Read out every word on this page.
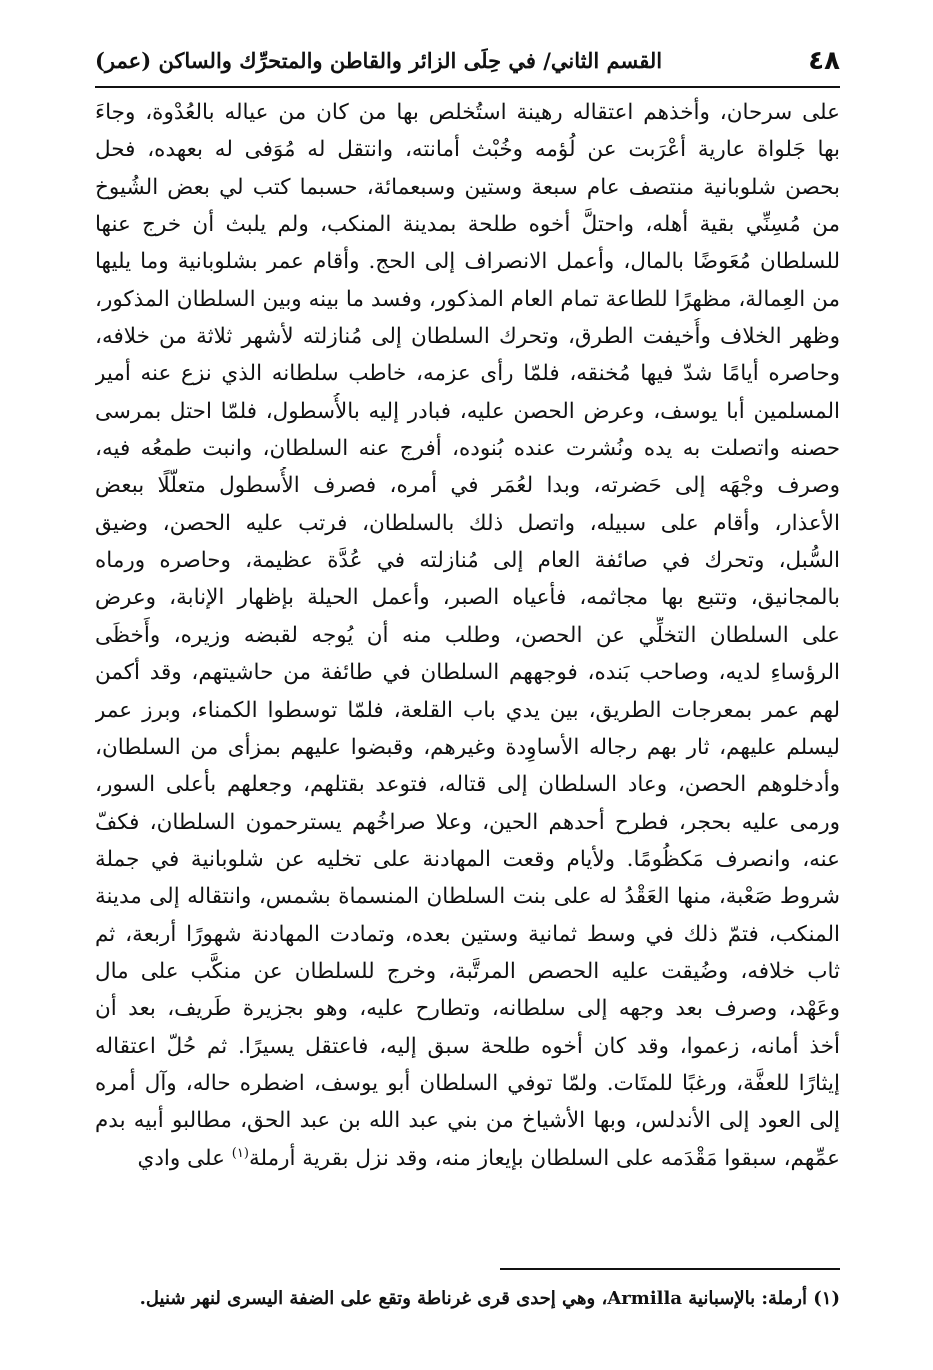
٤٨
القسم الثاني/ في حِلَى الزائر والقاطن والمتحرِّك والساكن (عمر)
على سرحان، وأخذهم اعتقاله رهينة استُخلص بها من كان من عياله بالعُدْوة، وجاءَ
بها جَلواة عارية أعْرَبت عن لُؤمه وخُبْث أمانته، وانتقل له مُوَفى له بعهده، فحل
بحصن شلوبانية منتصف عام سبعة وستين وسبعمائة، حسبما كتب لي بعض الشُيوخ
من مُسِنِّي بقية أهله، واحتلَّ أخوه طلحة بمدينة المنكب، ولم يلبث أن خرج عنها
للسلطان مُعَوضًا بالمال، وأعمل الانصراف إلى الحج. وأقام عمر بشلوبانية وما يليها
من العِمالة، مظهرًا للطاعة تمام العام المذكور، وفسد ما بينه وبين السلطان المذكور،
وظهر الخلاف وأُخيفت الطرق، وتحرك السلطان إلى مُنازلته لأشهر ثلاثة من خلافه،
وحاصره أيامًا شدّ فيها مُخنقه، فلمّا رأى عزمه، خاطب سلطانه الذي نزع عنه أمير
المسلمين أبا يوسف، وعرض الحصن عليه، فبادر إليه بالأُسطول، فلمّا احتل بمرسى
حصنه واتصلت به يده ونُشرت عنده بُنوده، أفرج عنه السلطان، وانبت طمعُه فيه،
وصرف وجْهَه إلى حَضرته، وبدا لعُمَر في أمره، فصرف الأُسطول متعلّلًا ببعض
الأعذار، وأقام على سبيله، واتصل ذلك بالسلطان، فرتب عليه الحصن، وضيق
السُّبل، وتحرك في صائفة العام إلى مُنازلته في عُدَّة عظيمة، وحاصره ورماه
بالمجانيق، وتتبع بها مجاثمه، فأعياه الصبر، وأعمل الحيلة بإظهار الإنابة، وعرض
على السلطان التخلِّي عن الحصن، وطلب منه أن يُوجه لقبضه وزيره، وأَخظَى
الرؤساءِ لديه، وصاحب بَنده، فوجههم السلطان في طائفة من حاشيتهم، وقد أكمن
لهم عمر بمعرجات الطريق، بين يدي باب القلعة، فلمّا توسطوا الكمناء، وبرز عمر
ليسلم عليهم، ثار بهم رجاله الأساوِدة وغيرهم، وقبضوا عليهم بمزأى من السلطان،
وأدخلوهم الحصن، وعاد السلطان إلى قتاله، فتوعد بقتلهم، وجعلهم بأعلى السور،
ورمى عليه بحجر، فطرح أحدهم الحين، وعلا صراخُهم يسترحمون السلطان، فكفّ
عنه، وانصرف مَكظُومًا. ولأيام وقعت المهادنة على تخليه عن شلوبانية في جملة
شروط صَعْبة، منها العَقْدُ له على بنت السلطان المنسماة بشمس، وانتقاله إلى مدينة
المنكب، فتمّ ذلك في وسط ثمانية وستين بعده، وتمادت المهادنة شهورًا أربعة، ثم
ثاب خلافه، وضُيقت عليه الحصص المرتَّبة، وخرج للسلطان عن منكَّب على مال
وعَهْد، وصرف بعد وجهه إلى سلطانه، وتطارح عليه، وهو بجزيرة طَريف، بعد أن
أخذ أمانه، زعموا، وقد كان أخوه طلحة سبق إليه، فاعتقل يسيرًا. ثم حُلّ اعتقاله
إيثارًا للعفَّة، ورغبًا للمتَات. ولمّا توفي السلطان أبو يوسف، اضطره حاله، وآل أمره
إلى العود إلى الأندلس، وبها الأشياخ من بني عبد الله بن عبد الحق، مطالبو أبيه بدم
عمِّهم، سبقوا مَقْدَمه على السلطان بإيعاز منه، وقد نزل بقرية أرملة$^{(١)}$ على وادي
(١) أرملة: بالإسبانية Armilla، وهي إحدى قرى غرناطة وتقع على الضفة اليسرى لنهر شنيل.
